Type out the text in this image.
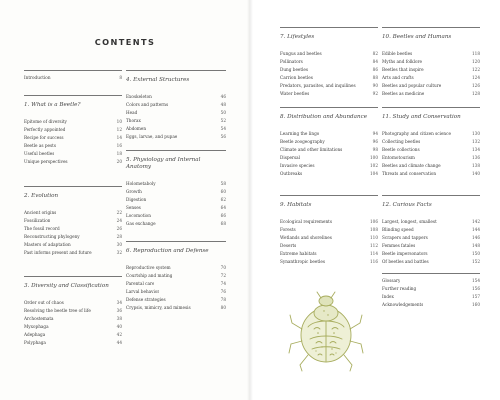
CONTENTS
Introduction	8
1. What is a Beetle?
Epitome of diversity	10
Perfectly appointed	12
Recipe for success	14
Beetle as pests	16
Useful beetles	18
Unique perspectives	20
2. Evolution
Ancient origins	22
Fossilization	24
The fossil record	26
Reconstructing phylogeny	28
Masters of adaptation	30
Past informs present and future	32
3. Diversity and Classification
Order out of chaos	34
Resolving the beetle tree of life	36
Archostemata	38
Myxophaga	40
Adephaga	42
Polyphaga	44
4. External Structures
Exoskeleton	46
Colors and patterns	48
Head	50
Thorax	52
Abdomen	54
Eggs, larvae, and pupae	56
5. Physiology and Internal Anatomy
Holometaboly	58
Growth	60
Digestion	62
Senses	64
Locomotion	66
Gas exchange	68
6. Reproduction and Defense
Reproductive system	70
Courtship and mating	72
Parental care	74
Larval behavior	76
Defense strategies	78
Crypsis, mimicry, and mimesis	80
7. Lifestyles
Fungus and beetles	82
Pollinators	84
Dung beetles	86
Carrion beetles	88
Predators, parasites, and inquilines	90
Water beetles	92
8. Distribution and Abundance
Learning the lingo	94
Beetle zoogeography	96
Climate and other limitations	98
Dispersal	100
Invasive species	102
Outbreaks	104
9. Habitats
Ecological requirements	106
Forests	108
Wetlands and shorelines	110
Deserts	112
Extreme habitats	114
Synanthropic beetles	116
10. Beetles and Humans
Edible beetles	118
Myths and folklore	120
Beetles that inspire	122
Arts and crafts	124
Beetles and popular culture	126
Beetles as medicine	128
11. Study and Conservation
Photography and citizen science	130
Collecting beetles	132
Beetle collections	134
Entomotourism	136
Beetles and climate change	138
Threats and conservation	140
12. Curious Facts
Largest, longest, smallest	142
Blinding speed	144
Scrapers and tappers	146
Femmes fatales	148
Beetle impersonators	150
Of beetles and battles	152
Glossary	154
Further reading	156
Index	157
Acknowledgements	160
